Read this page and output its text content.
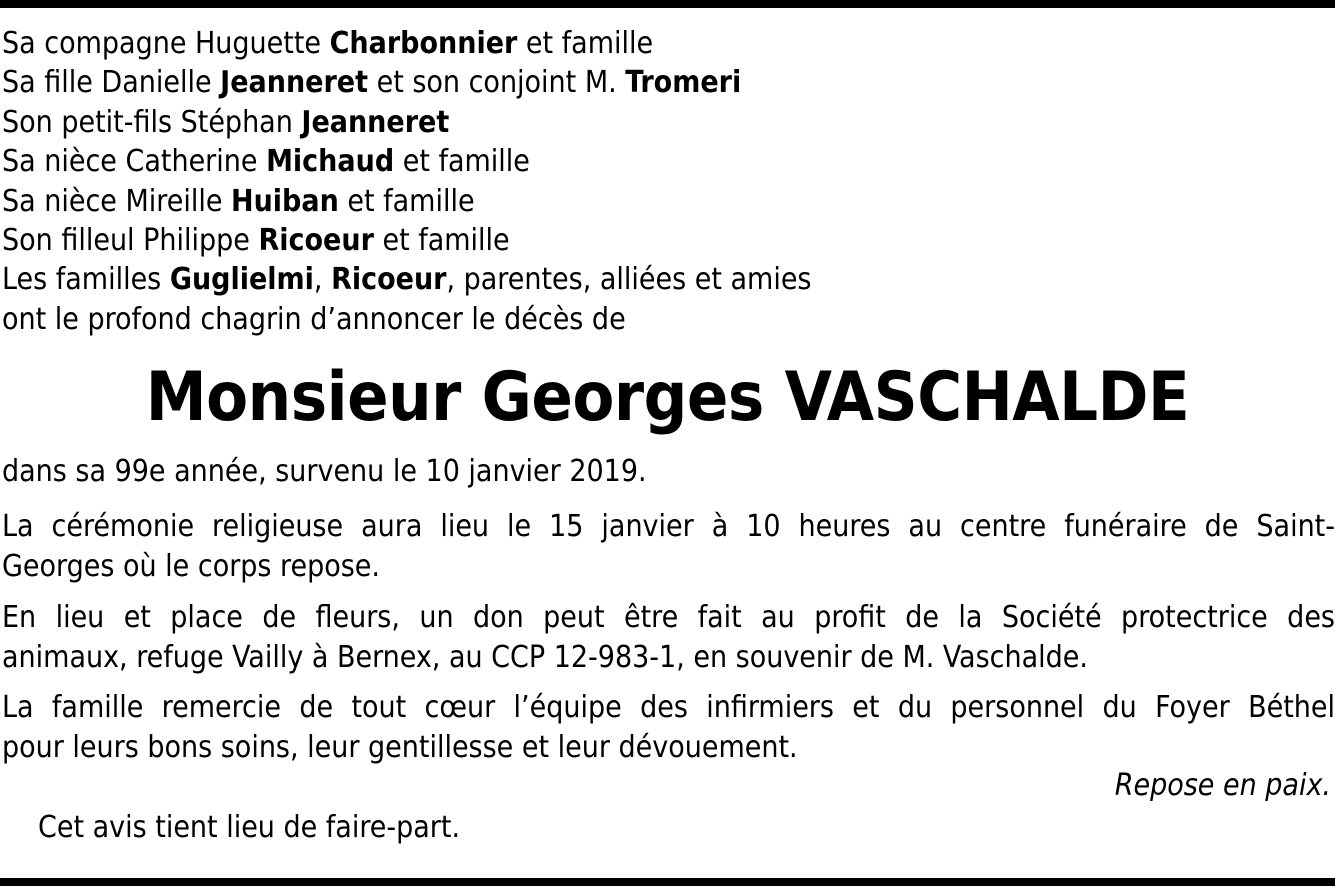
Sa compagne Huguette Charbonnier et famille
Sa fille Danielle Jeanneret et son conjoint M. Tromeri
Son petit-fils Stéphan Jeanneret
Sa nièce Catherine Michaud et famille
Sa nièce Mireille Huiban et famille
Son filleul Philippe Ricoeur et famille
Les familles Guglielmi, Ricoeur, parentes, alliées et amies
ont le profond chagrin d’annoncer le décès de
Monsieur Georges VASCHALDE

dans sa 99e année, survenu le 10 janvier 2019.

La cérémonie religieuse aura lieu le 15 janvier à 10 heures au centre funéraire de Saint-
Georges où le corps repose.

En lieu et place de fleurs, un don peut être fait au profit de la Société protectrice des
animaux, refuge Vailly à Bernex, au CCP 12-983-1, en souvenir de M. Vaschalde.

La famille remercie de tout cœur l’équipe des infirmiers et du personnel du Foyer Béthel
pour leurs bons soins, leur gentillesse et leur dévouement.

Repose en paix.
Cet avis tient lieu de faire-part.
